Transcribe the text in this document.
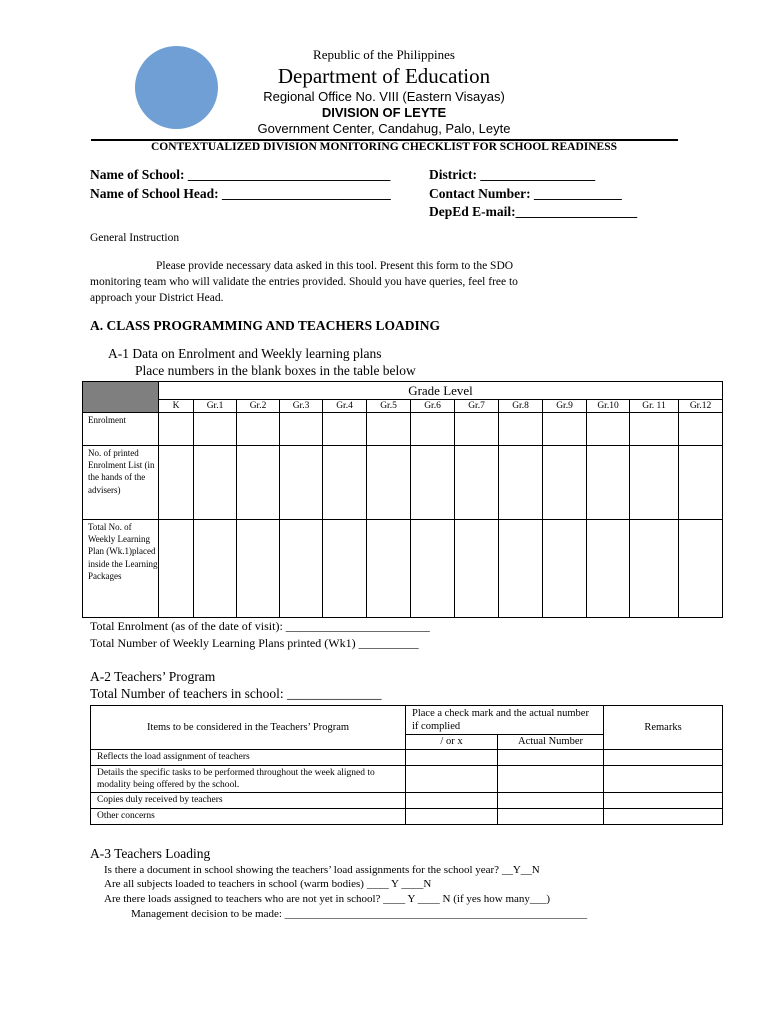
Republic of the Philippines
Department of Education
Regional Office No. VIII (Eastern Visayas)
DIVISION OF LEYTE
Government Center, Candahug, Palo, Leyte
CONTEXTUALIZED DIVISION MONITORING CHECKLIST FOR SCHOOL READINESS
Name of School: ______________________________	District: _________________
Name of School Head: _________________________	Contact Number: _____________
DepEd E-mail:__________________
General Instruction
Please provide necessary data asked in this tool. Present this form to the SDO
monitoring team who will validate the entries provided. Should you have queries, feel free to
approach your District Head.
A. CLASS PROGRAMMING AND TEACHERS LOADING
A-1 Data on Enrolment and Weekly learning plans
Place numbers in the blank boxes in the table below
	Grade Level												
	K	Gr.1	Gr.2	Gr.3	Gr.4	Gr.5	Gr.6	Gr.7	Gr.8	Gr.9	Gr.10	Gr. 11	Gr.12
Enrolment													
No. of printed Enrolment List (in the hands of the advisers)													
Total No. of Weekly Learning Plan (Wk.1)placed inside the Learning Packages													
Total Enrolment (as of the date of visit): ________________________
Total Number of Weekly Learning Plans printed (Wk1) __________
A-2 Teachers’ Program
Total Number of teachers in school: ______________
Items to be considered in the Teachers’ Program	Place a check mark and the actual number if complied		Remarks
	/ or x	Actual Number	
Reflects the load assignment of teachers			
Details the specific tasks to be performed throughout the week aligned to modality being offered by the school.			
Copies duly received by teachers			
Other concerns			
A-3 Teachers Loading
Is there a document in school showing the teachers’ load assignments for the school year? __Y__N
Are all subjects loaded to teachers in school (warm bodies) ____ Y ____N
Are there loads assigned to teachers who are not yet in school? ____ Y ____ N (if yes how many___)
Management decision to be made: _______________________________________________________
